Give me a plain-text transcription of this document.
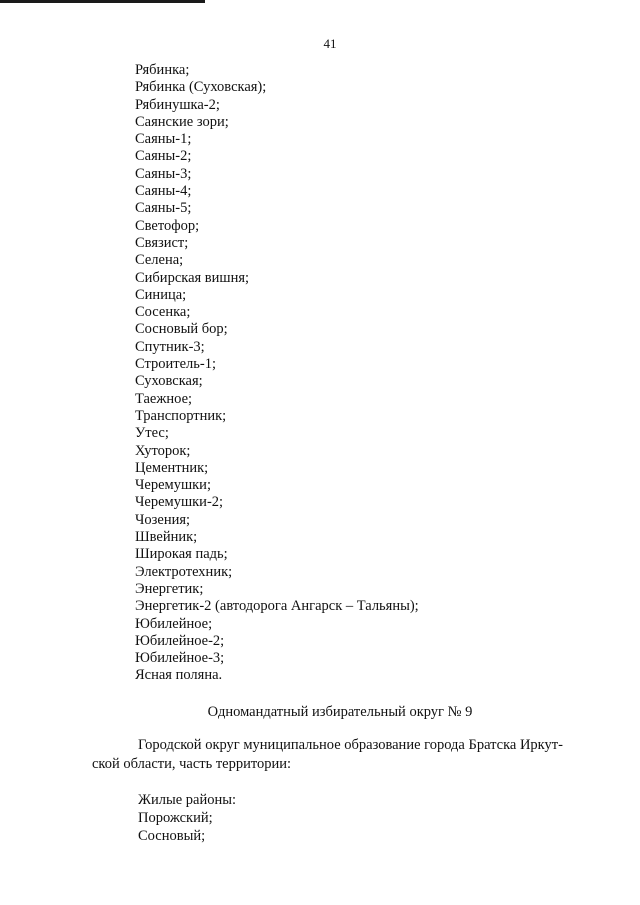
41
Рябинка;
Рябинка (Суховская);
Рябинушка-2;
Саянские зори;
Саяны-1;
Саяны-2;
Саяны-3;
Саяны-4;
Саяны-5;
Светофор;
Связист;
Селена;
Сибирская вишня;
Синица;
Сосенка;
Сосновый бор;
Спутник-3;
Строитель-1;
Суховская;
Таежное;
Транспортник;
Утес;
Хуторок;
Цементник;
Черемушки;
Черемушки-2;
Чозения;
Швейник;
Широкая падь;
Электротехник;
Энергетик;
Энергетик-2 (автодорога Ангарск – Тальяны);
Юбилейное;
Юбилейное-2;
Юбилейное-3;
Ясная поляна.
Одномандатный избирательный округ № 9
Городской округ муниципальное образование города Братска Иркут-
ской области, часть территории:
Жилые районы:
Порожский;
Сосновый;
